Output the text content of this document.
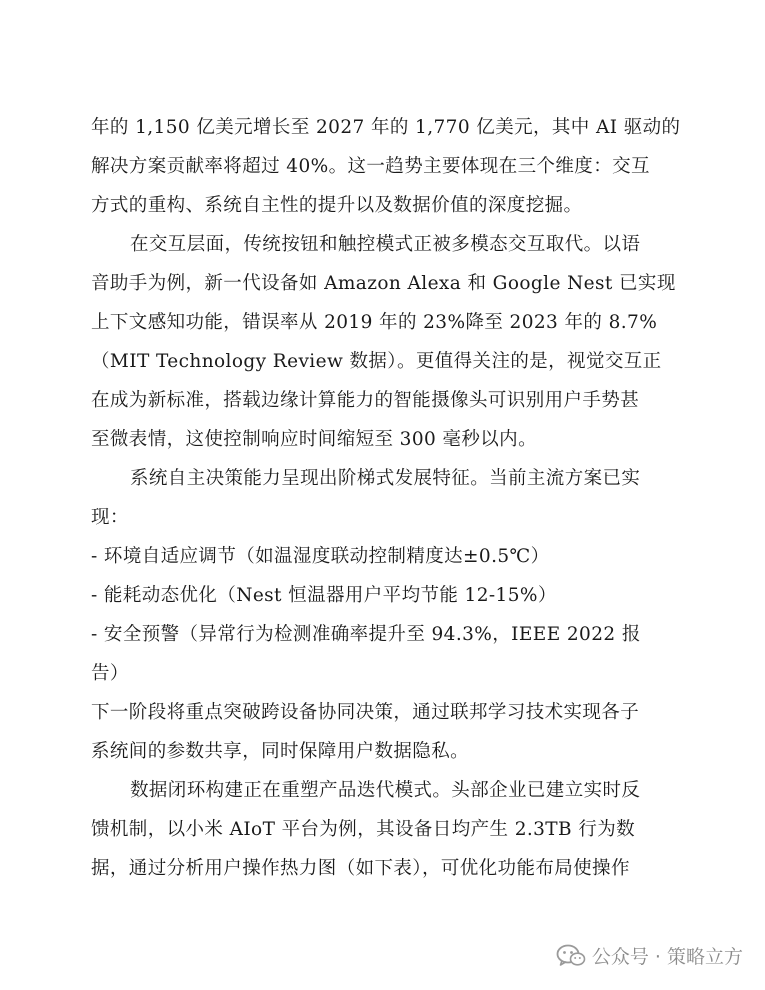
年的 1,150 亿美元增长至 2027 年的 1,770 亿美元，其中 AI 驱动的
解决方案贡献率将超过 40%。这一趋势主要体现在三个维度：交互
方式的重构、系统自主性的提升以及数据价值的深度挖掘。
在交互层面，传统按钮和触控模式正被多模态交互取代。以语
音助手为例，新一代设备如 Amazon Alexa 和 Google Nest 已实现
上下文感知功能，错误率从 2019 年的 23%降至 2023 年的 8.7%
（MIT Technology Review 数据）。更值得关注的是，视觉交互正
在成为新标准，搭载边缘计算能力的智能摄像头可识别用户手势甚
至微表情，这使控制响应时间缩短至 300 毫秒以内。
系统自主决策能力呈现出阶梯式发展特征。当前主流方案已实
现：
- 环境自适应调节（如温湿度联动控制精度达±0.5℃）
- 能耗动态优化（Nest 恒温器用户平均节能 12-15%）
- 安全预警（异常行为检测准确率提升至 94.3%，IEEE 2022 报
告）
下一阶段将重点突破跨设备协同决策，通过联邦学习技术实现各子
系统间的参数共享，同时保障用户数据隐私。
数据闭环构建正在重塑产品迭代模式。头部企业已建立实时反
馈机制，以小米 AIoT 平台为例，其设备日均产生 2.3TB 行为数
据，通过分析用户操作热力图（如下表），可优化功能布局使操作
公众号 · 策略立方
